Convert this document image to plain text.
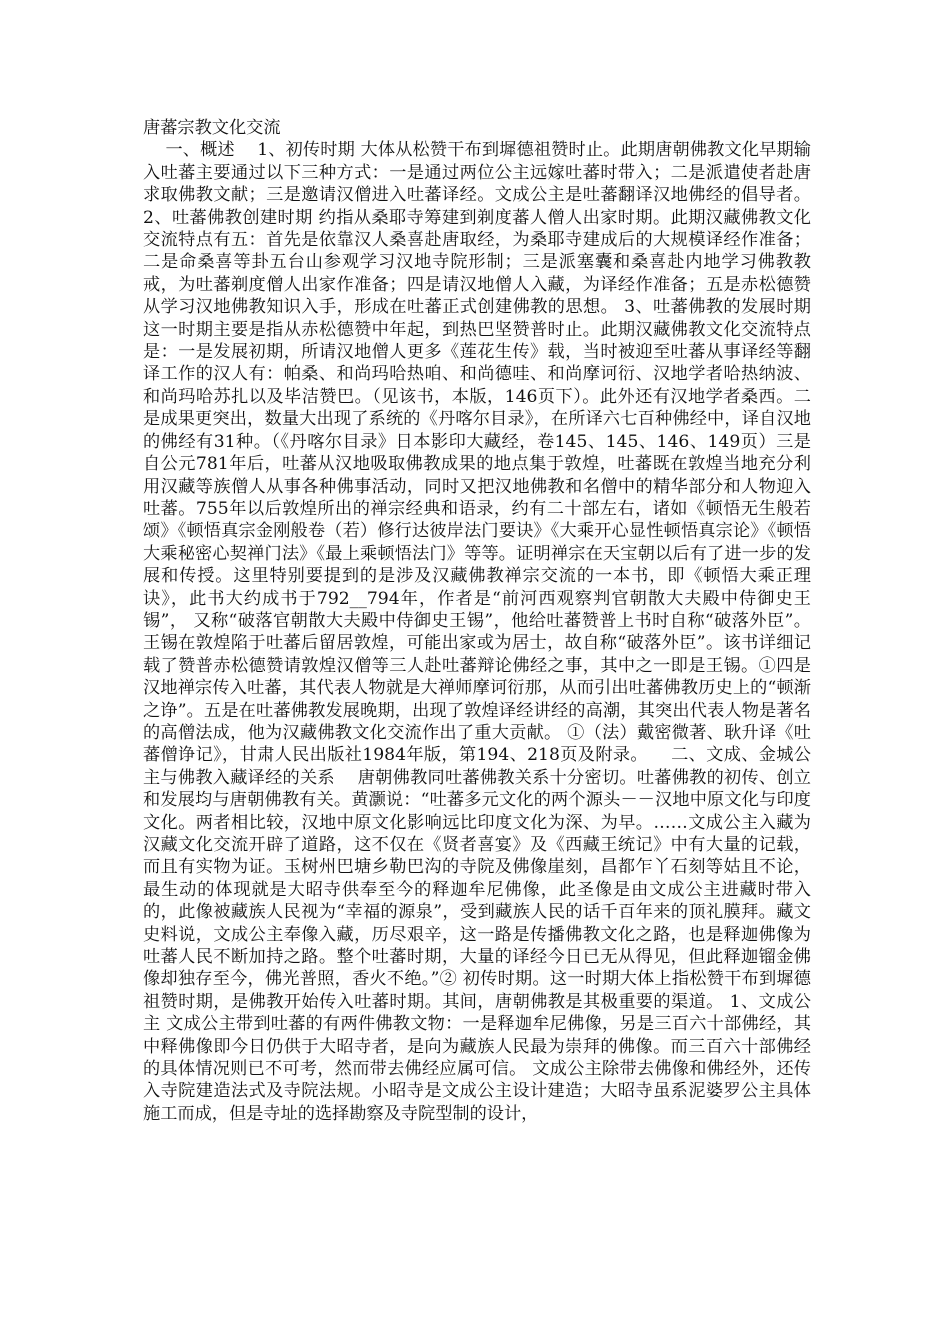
唐蕃宗教文化交流

一、概述    1、初传时期 大体从松赞干布到墀德祖赞时止。此期唐朝佛教文化早期输入吐蕃主要通过以下三种方式：一是通过两位公主远嫁吐蕃时带入；二是派遣使者赴唐求取佛教文献；三是邀请汉僧进入吐蕃译经。文成公主是吐蕃翻译汉地佛经的倡导者。 2、吐蕃佛教创建时期 约指从桑耶寺筹建到剃度蕃人僧人出家时期。此期汉藏佛教文化交流特点有五：首先是依靠汉人桑喜赴唐取经，为桑耶寺建成后的大规模译经作准备；二是命桑喜等卦五台山参观学习汉地寺院形制；三是派塞囊和桑喜赴内地学习佛教教戒，为吐蕃剃度僧人出家作准备；四是请汉地僧人入藏，为译经作准备；五是赤松德赞从学习汉地佛教知识入手，形成在吐蕃正式创建佛教的思想。 3、吐蕃佛教的发展时期 这一时期主要是指从赤松德赞中年起，到热巴坚赞普时止。此期汉藏佛教文化交流特点是：一是发展初期，所请汉地僧人更多《莲花生传》载，当时被迎至吐蕃从事译经等翻译工作的汉人有：帕桑、和尚玛哈热咱、和尚德哇、和尚摩诃衍、汉地学者哈热纳波、和尚玛哈苏扎以及毕洁赞巴。（见该书，本版，146页下）。此外还有汉地学者桑西。二是成果更突出，数量大出现了系统的《丹喀尔目录》，在所译六七百种佛经中，译自汉地的佛经有31种。（《丹喀尔目录》日本影印大藏经，卷145、145、146、149页）三是自公元781年后，吐蕃从汉地吸取佛教成果的地点集于敦煌，吐蕃既在敦煌当地充分利用汉藏等族僧人从事各种佛事活动，同时又把汉地佛教和名僧中的精华部分和人物迎入吐蕃。755年以后敦煌所出的禅宗经典和语录，约有二十部左右，诸如《顿悟无生般若颂》《顿悟真宗金刚般卷（若）修行达彼岸法门要诀》《大乘开心显性顿悟真宗论》《顿悟大乘秘密心契禅门法》《最上乘顿悟法门》等等。证明禅宗在天宝朝以后有了进一步的发展和传授。这里特别要提到的是涉及汉藏佛教禅宗交流的一本书，即《顿悟大乘正理诀》，此书大约成书于792__794年，作者是“前河西观察判官朝散大夫殿中侍御史王锡”， 又称“破落官朝散大夫殿中侍御史王锡”，他给吐蕃赞普上书时自称“破落外臣”。王锡在敦煌陷于吐蕃后留居敦煌，可能出家或为居士，故自称“破落外臣”。该书详细记载了赞普赤松德赞请敦煌汉僧等三人赴吐蕃辩论佛经之事，其中之一即是王锡。①四是汉地禅宗传入吐蕃，其代表人物就是大禅师摩诃衍那，从而引出吐蕃佛教历史上的“顿渐之诤”。五是在吐蕃佛教发展晚期，出现了敦煌译经讲经的高潮，其突出代表人物是著名的高僧法成，他为汉藏佛教文化交流作出了重大贡献。 ①（法）戴密微著、耿升译《吐蕃僧诤记》，甘肃人民出版社1984年版，第194、218页及附录。    二、文成、金城公主与佛教入藏译经的关系    唐朝佛教同吐蕃佛教关系十分密切。吐蕃佛教的初传、创立和发展均与唐朝佛教有关。黄灏说：“吐蕃多元文化的两个源头－－汉地中原文化与印度文化。两者相比较，汉地中原文化影响远比印度文化为深、为早。……文成公主入藏为汉藏文化交流开辟了道路，这不仅在《贤者喜宴》及《西藏王统记》中有大量的记载，而且有实物为证。玉树州巴塘乡勒巴沟的寺院及佛像崖刻，昌都乍丫石刻等姑且不论，最生动的体现就是大昭寺供奉至今的释迦牟尼佛像，此圣像是由文成公主进藏时带入的，此像被藏族人民视为“幸福的源泉”，受到藏族人民的话千百年来的顶礼膜拜。藏文史料说，文成公主奉像入藏，历尽艰辛，这一路是传播佛教文化之路，也是释迦佛像为吐蕃人民不断加持之路。整个吐蕃时期，大量的译经今日已无从得见，但此释迦镏金佛像却独存至今，佛光普照，香火不绝。”② 初传时期。这一时期大体上指松赞干布到墀德祖赞时期，是佛教开始传入吐蕃时期。其间，唐朝佛教是其极重要的渠道。 1、文成公主 文成公主带到吐蕃的有两件佛教文物：一是释迦牟尼佛像，另是三百六十部佛经，其中释佛像即今日仍供于大昭寺者，是向为藏族人民最为崇拜的佛像。而三百六十部佛经的具体情况则已不可考，然而带去佛经应属可信。 文成公主除带去佛像和佛经外，还传入寺院建造法式及寺院法规。小昭寺是文成公主设计建造；大昭寺虽系泥婆罗公主具体施工而成，但是寺址的选择勘察及寺院型制的设计，
